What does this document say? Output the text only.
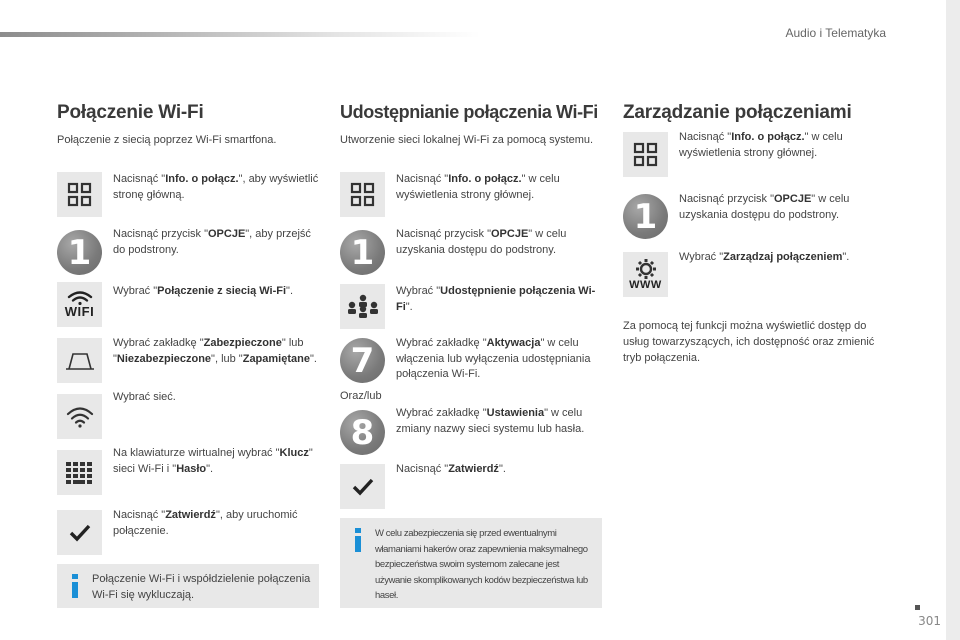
Audio i Telematyka
Połączenie Wi-Fi
Połączenie z siecią poprzez Wi-Fi smartfona.
Nacisnąć "Info. o połącz.", aby wyświetlić stronę główną.
1	Nacisnąć przycisk "OPCJE", aby przejść do podstrony.
WIFI
Wybrać "Połączenie z siecią Wi-Fi".
Wybrać zakładkę "Zabezpieczone" lub "Niezabezpieczone", lub "Zapamiętane".
Wybrać sieć.
Na klawiaturze wirtualnej wybrać "Klucz" sieci Wi-Fi i "Hasło".
Nacisnąć "Zatwierdź", aby uruchomić połączenie.
Połączenie Wi-Fi i współdzielenie połączenia Wi-Fi się wykluczają.
Udostępnianie połączenia Wi-Fi
Utworzenie sieci lokalnej Wi-Fi za pomocą systemu.
Nacisnąć "Info. o połącz." w celu wyświetlenia strony głównej.
1	Nacisnąć przycisk "OPCJE" w celu uzyskania dostępu do podstrony.
Wybrać "Udostępnienie połączenia Wi-Fi".
7	Wybrać zakładkę "Aktywacja" w celu włączenia lub wyłączenia udostępniania połączenia Wi-Fi.
Oraz/lub
8	Wybrać zakładkę "Ustawienia" w celu zmiany nazwy sieci systemu lub hasła.
Nacisnąć "Zatwierdź".
W celu zabezpieczenia się przed ewentualnymi włamaniami hakerów oraz zapewnienia maksymalnego bezpieczeństwa swoim systemom zalecane jest używanie skomplikowanych kodów bezpieczeństwa lub haseł.
Zarządzanie połączeniami
Nacisnąć "Info. o połącz." w celu wyświetlenia strony głównej.
1	Nacisnąć przycisk "OPCJE" w celu uzyskania dostępu do podstrony.
WWW
Wybrać "Zarządzaj połączeniem".
Za pomocą tej funkcji można wyświetlić dostęp do usług towarzyszących, ich dostępność oraz zmienić tryb połączenia.
301
